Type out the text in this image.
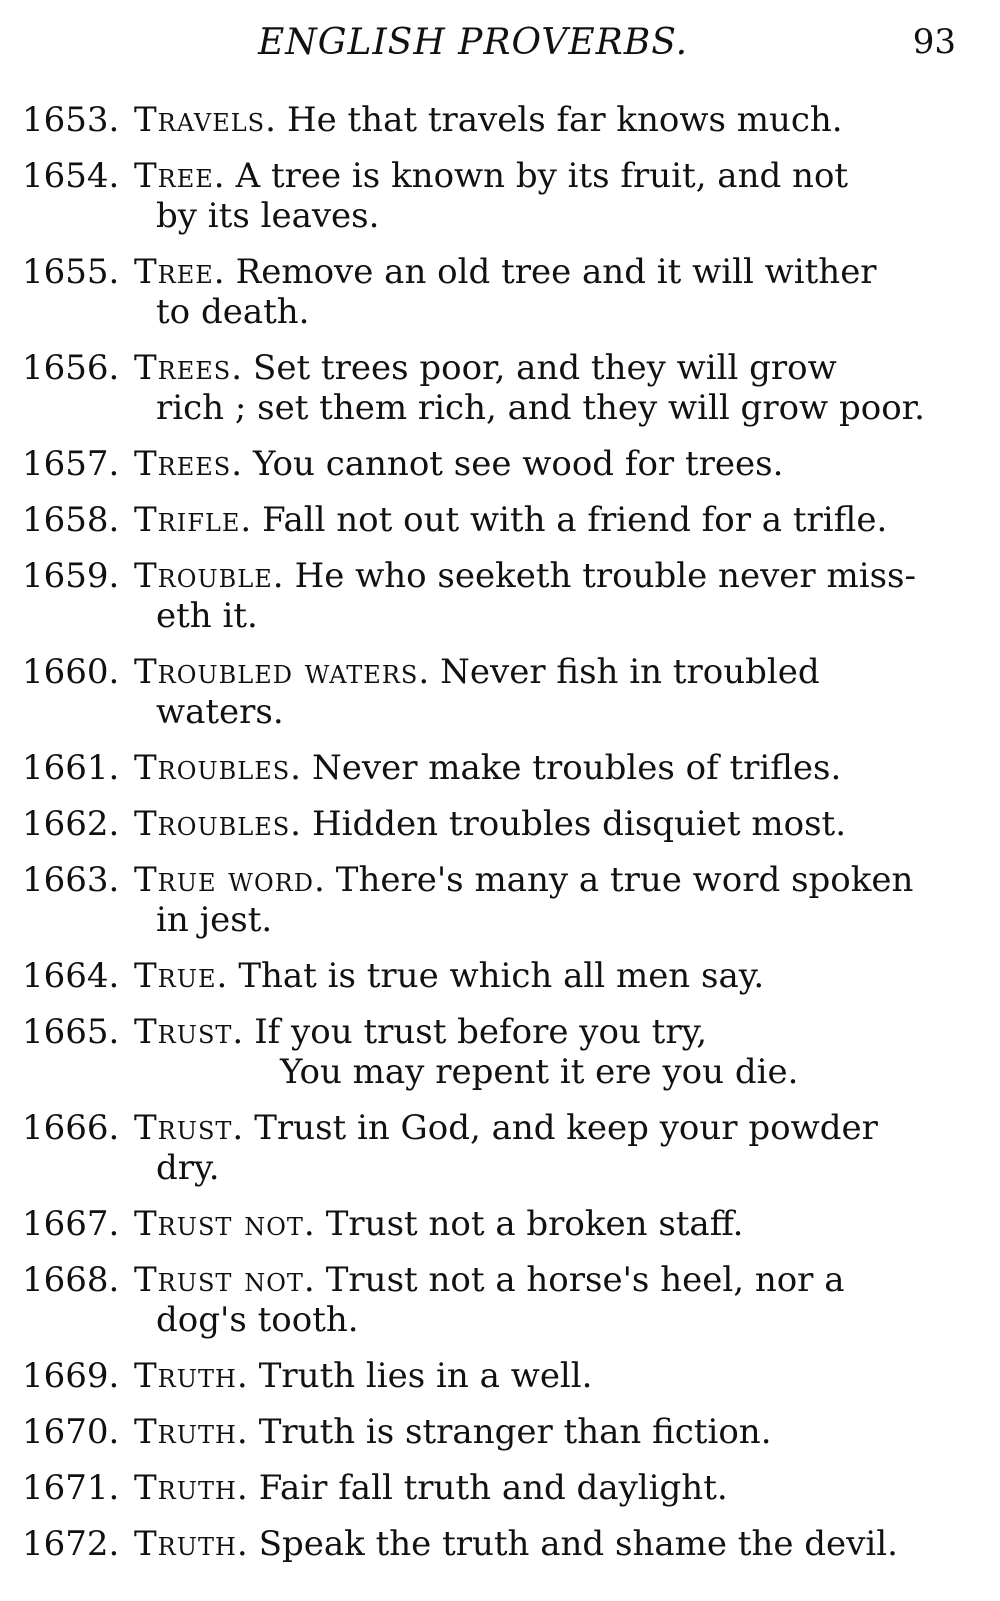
ENGLISH PROVERBS.	93
1653. Travels. He that travels far knows much.
1654. Tree. A tree is known by its fruit, and not
by its leaves.
1655. Tree. Remove an old tree and it will wither
to death.
1656. Trees. Set trees poor, and they will grow
rich ; set them rich, and they will grow poor.
1657. Trees. You cannot see wood for trees.
1658. Trifle. Fall not out with a friend for a trifle.
1659. Trouble. He who seeketh trouble never miss-
eth it.
1660. Troubled waters. Never fish in troubled
waters.
1661. Troubles. Never make troubles of trifles.
1662. Troubles. Hidden troubles disquiet most.
1663. True word. There's many a true word spoken
in jest.
1664. True. That is true which all men say.
1665. Trust. If you trust before you try,
You may repent it ere you die.
1666. Trust. Trust in God, and keep your powder
dry.
1667. Trust not. Trust not a broken staff.
1668. Trust not. Trust not a horse's heel, nor a
dog's tooth.
1669. Truth. Truth lies in a well.
1670. Truth. Truth is stranger than fiction.
1671. Truth. Fair fall truth and daylight.
1672. Truth. Speak the truth and shame the devil.
